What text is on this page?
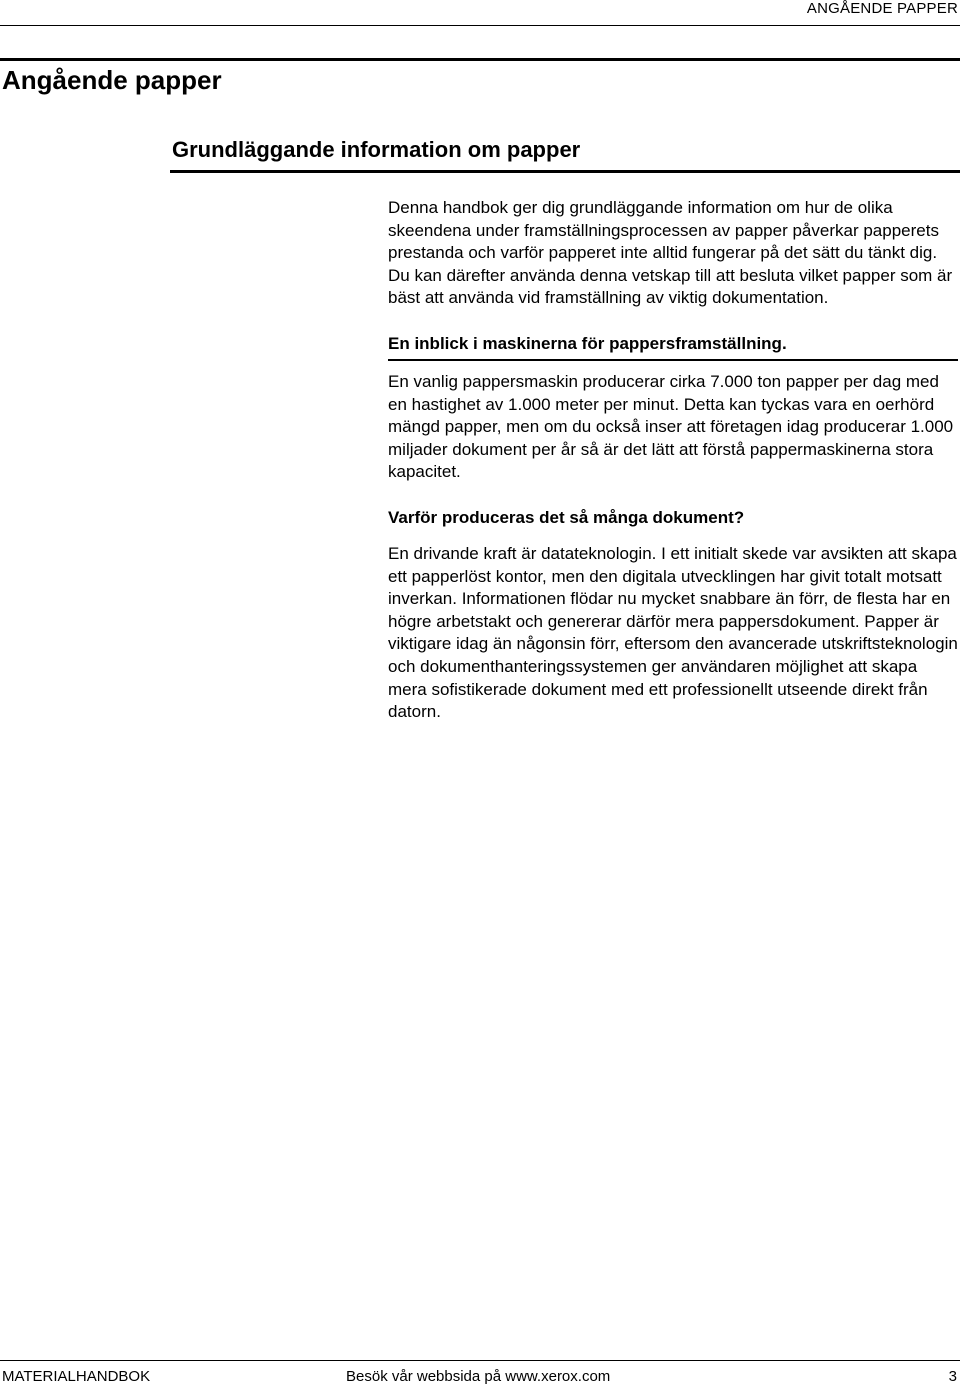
ANGÅENDE PAPPER
Angående papper
Grundläggande information om papper

Denna handbok ger dig grundläggande information om hur de olika skeendena under framställningsprocessen av papper påverkar papperets prestanda och varför papperet inte alltid fungerar på det sätt du tänkt dig. Du kan därefter använda denna vetskap till att besluta vilket papper som är bäst att använda vid framställning av viktig dokumentation.

En inblick i maskinerna för pappersframställning.

En vanlig pappersmaskin producerar cirka 7.000 ton papper per dag med en hastighet av 1.000 meter per minut. Detta kan tyckas vara en oerhörd mängd papper, men om du också inser att företagen idag producerar 1.000 miljader dokument per år så är det lätt att förstå pappermaskinerna stora kapacitet.

Varför produceras det så många dokument?

En drivande kraft är datateknologin. I ett initialt skede var avsikten att skapa ett papperlöst kontor, men den digitala utvecklingen har givit totalt motsatt inverkan. Informationen flödar nu mycket snabbare än förr, de flesta har en högre arbetstakt och genererar därför mera pappersdokument. Papper är viktigare idag än någonsin förr, eftersom den avancerade utskriftsteknologin och dokumenthanteringssystemen ger användaren möjlighet att skapa mera sofistikerade dokument med ett professionellt utseende direkt från datorn.

MATERIALHANDBOK	Besök vår webbsida på www.xerox.com	3
